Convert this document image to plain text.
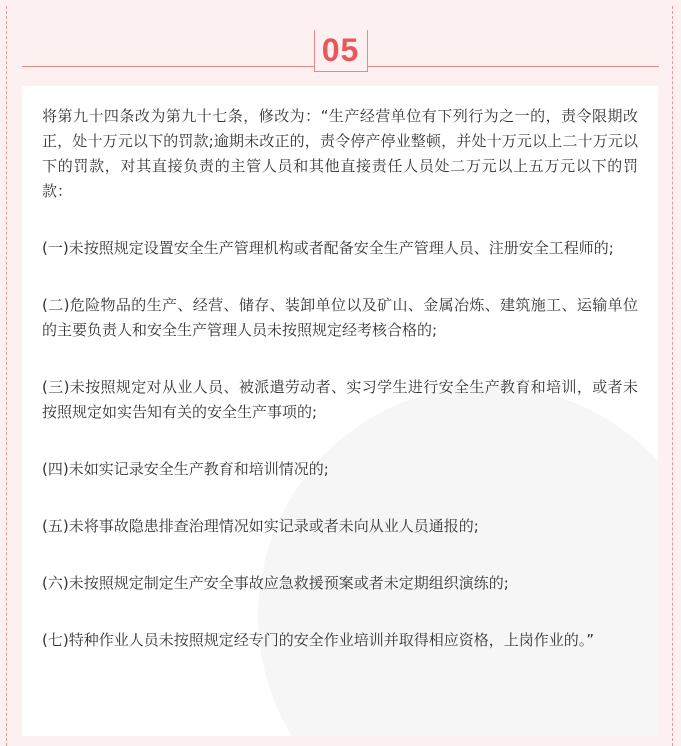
05

将第九十四条改为第九十七条，修改为：“生产经营单位有下列行为之一的，责令限期改正，处十万元以下的罚款;逾期未改正的，责令停产停业整顿，并处十万元以上二十万元以下的罚款，对其直接负责的主管人员和其他直接责任人员处二万元以上五万元以下的罚款：

(一)未按照规定设置安全生产管理机构或者配备安全生产管理人员、注册安全工程师的;

(二)危险物品的生产、经营、储存、装卸单位以及矿山、金属冶炼、建筑施工、运输单位的主要负责人和安全生产管理人员未按照规定经考核合格的;

(三)未按照规定对从业人员、被派遣劳动者、实习学生进行安全生产教育和培训，或者未按照规定如实告知有关的安全生产事项的;

(四)未如实记录安全生产教育和培训情况的;

(五)未将事故隐患排查治理情况如实记录或者未向从业人员通报的;

(六)未按照规定制定生产安全事故应急救援预案或者未定期组织演练的;

(七)特种作业人员未按照规定经专门的安全作业培训并取得相应资格，上岗作业的。”
